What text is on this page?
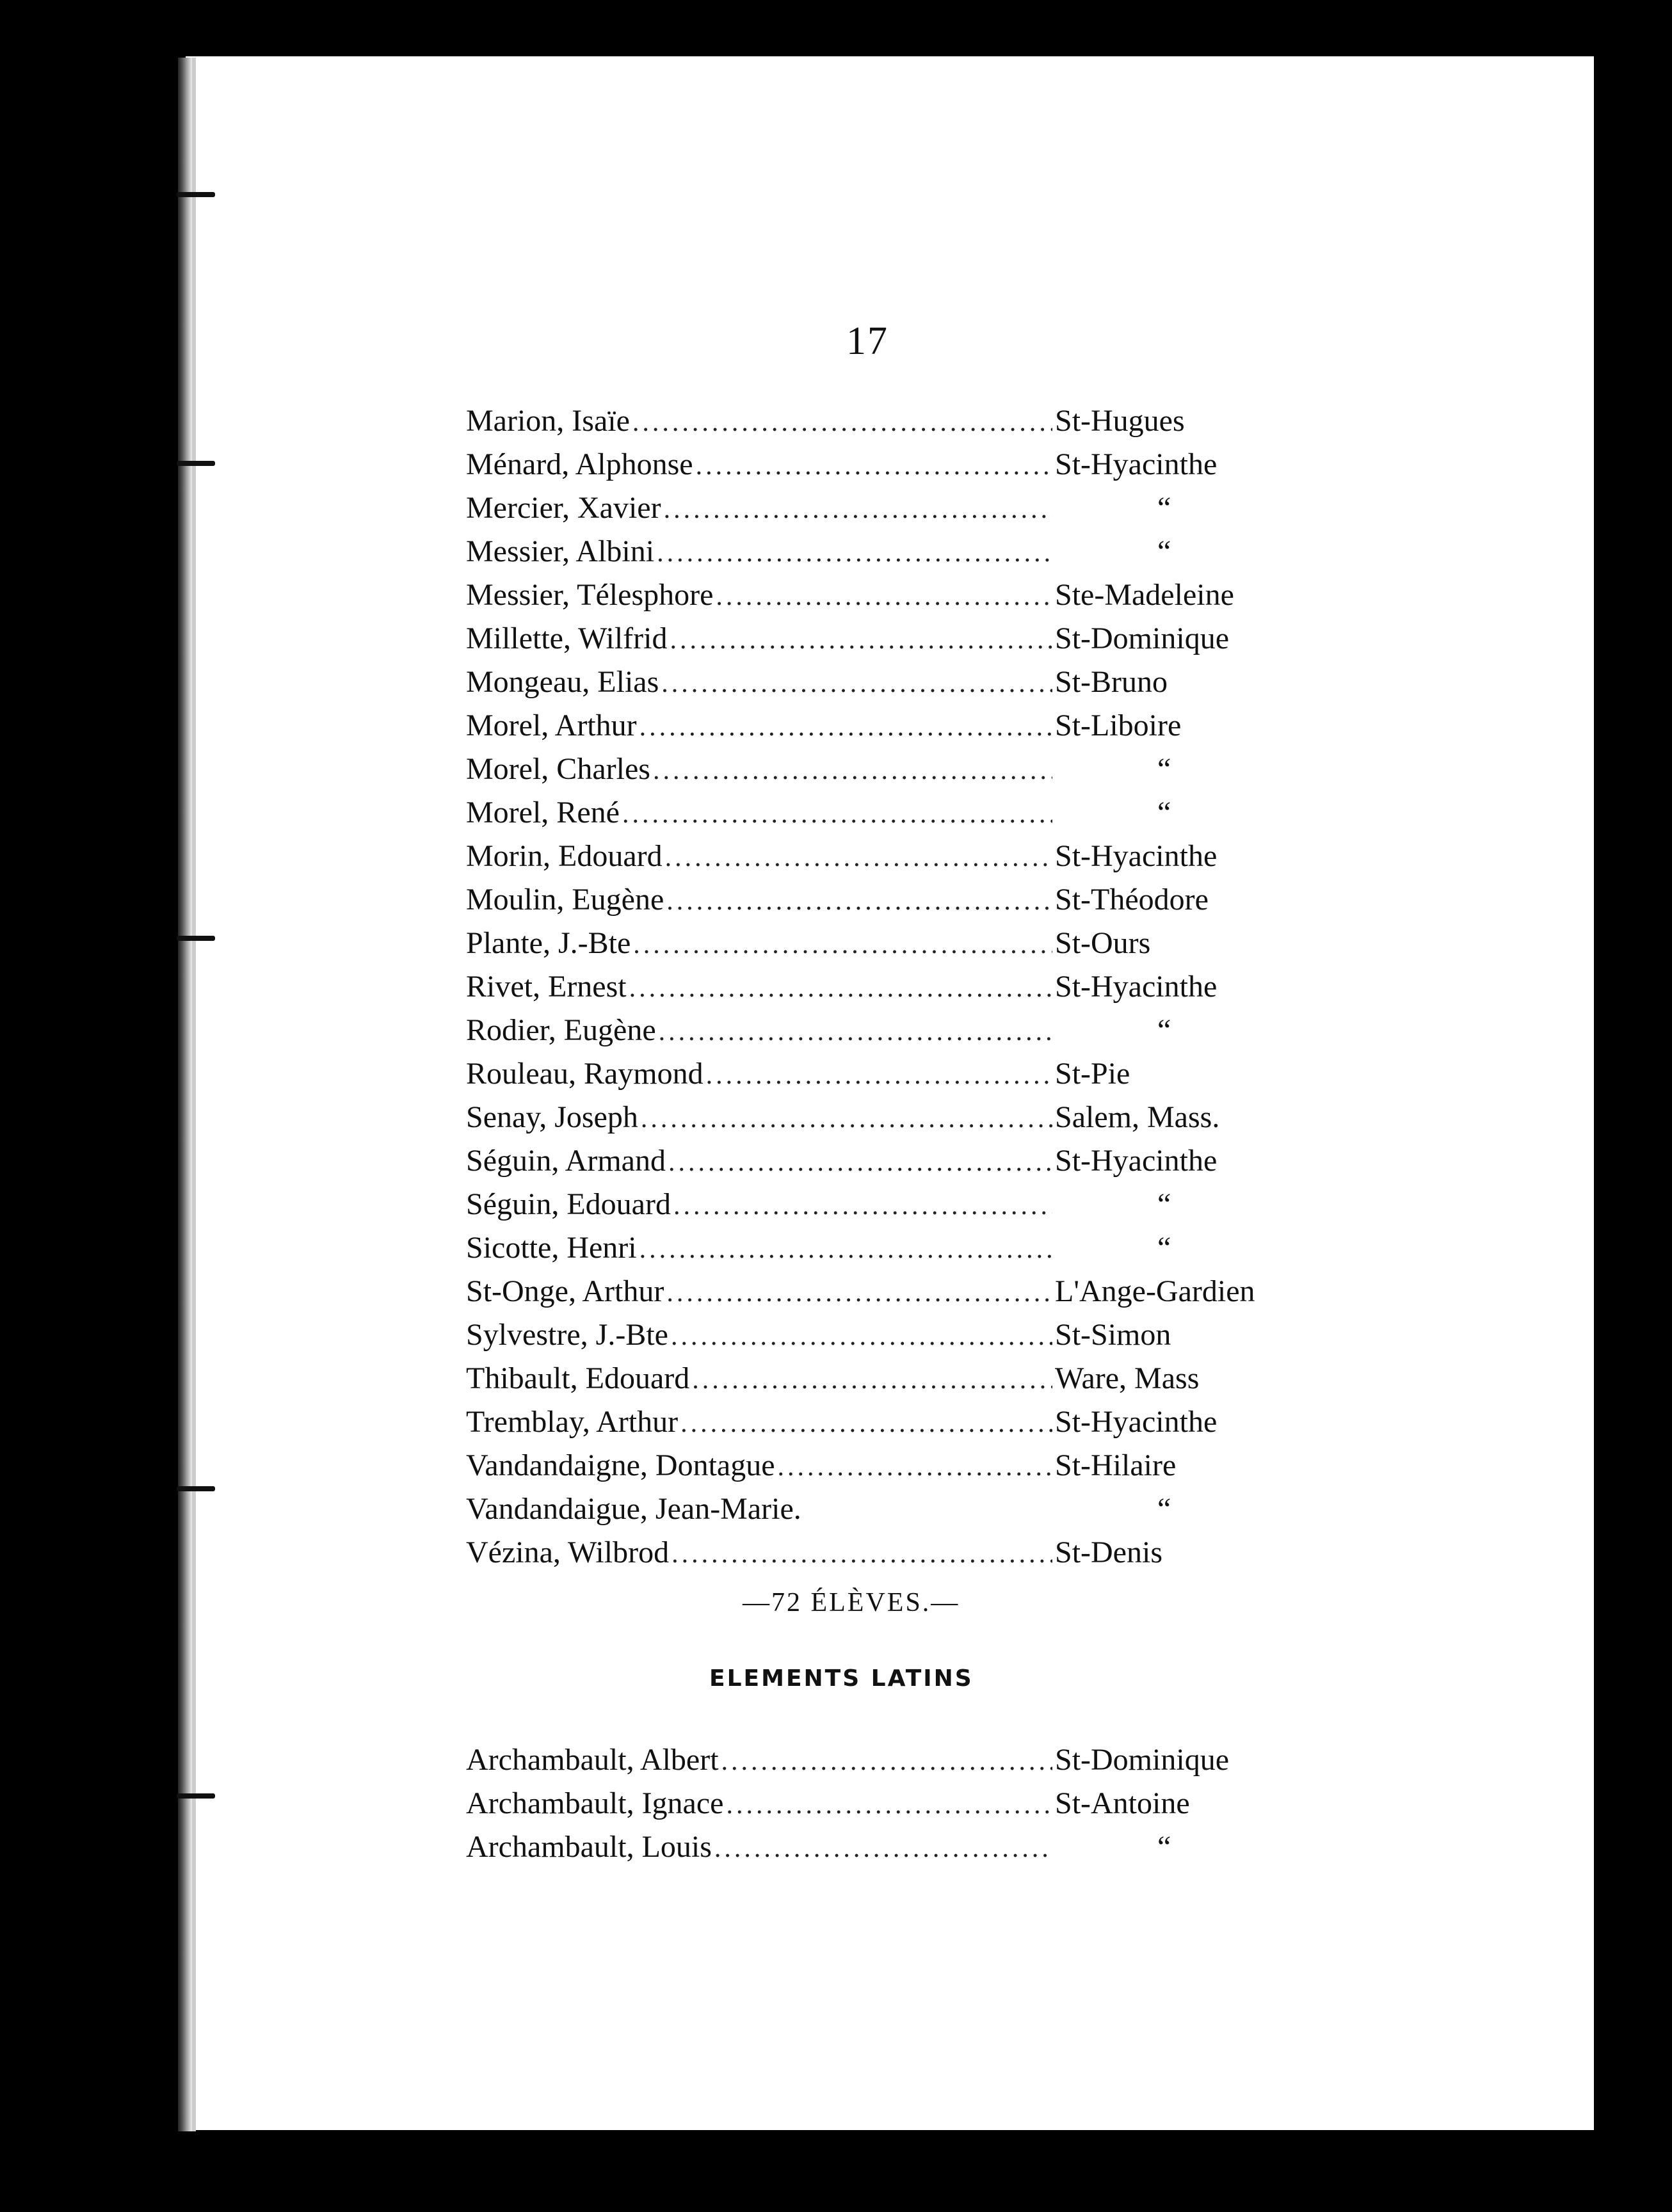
17
Marion, Isaïe .....	St-Hugues
Ménard, Alphonse .....	St-Hyacinthe
Mercier, Xavier .....	“
Messier, Albini .....	“
Messier, Télesphore .....	Ste-Madeleine
Millette, Wilfrid .....	St-Dominique
Mongeau, Elias .....	St-Bruno
Morel, Arthur .....	St-Liboire
Morel, Charles .....	“
Morel, René .....	“
Morin, Edouard .....	St-Hyacinthe
Moulin, Eugène .....	St-Théodore
Plante, J.-Bte .....	St-Ours
Rivet, Ernest .....	St-Hyacinthe
Rodier, Eugène .....	“
Rouleau, Raymond .....	St-Pie
Senay, Joseph .....	Salem, Mass.
Séguin, Armand .....	St-Hyacinthe
Séguin, Edouard .....	“
Sicotte, Henri .....	“
St-Onge, Arthur .....	L'Ange-Gardien
Sylvestre, J.-Bte .....	St-Simon
Thibault, Edouard .....	Ware, Mass
Tremblay, Arthur .....	St-Hyacinthe
Vandandaigne, Dontague .....	St-Hilaire
Vandandaigue, Jean-Marie.	“
Vézina, Wilbrod .....	St-Denis
—72 ÉLÈVES.—
ELEMENTS LATINS
Archambault, Albert .....	St-Dominique
Archambault, Ignace .....	St-Antoine
Archambault, Louis .....	“
